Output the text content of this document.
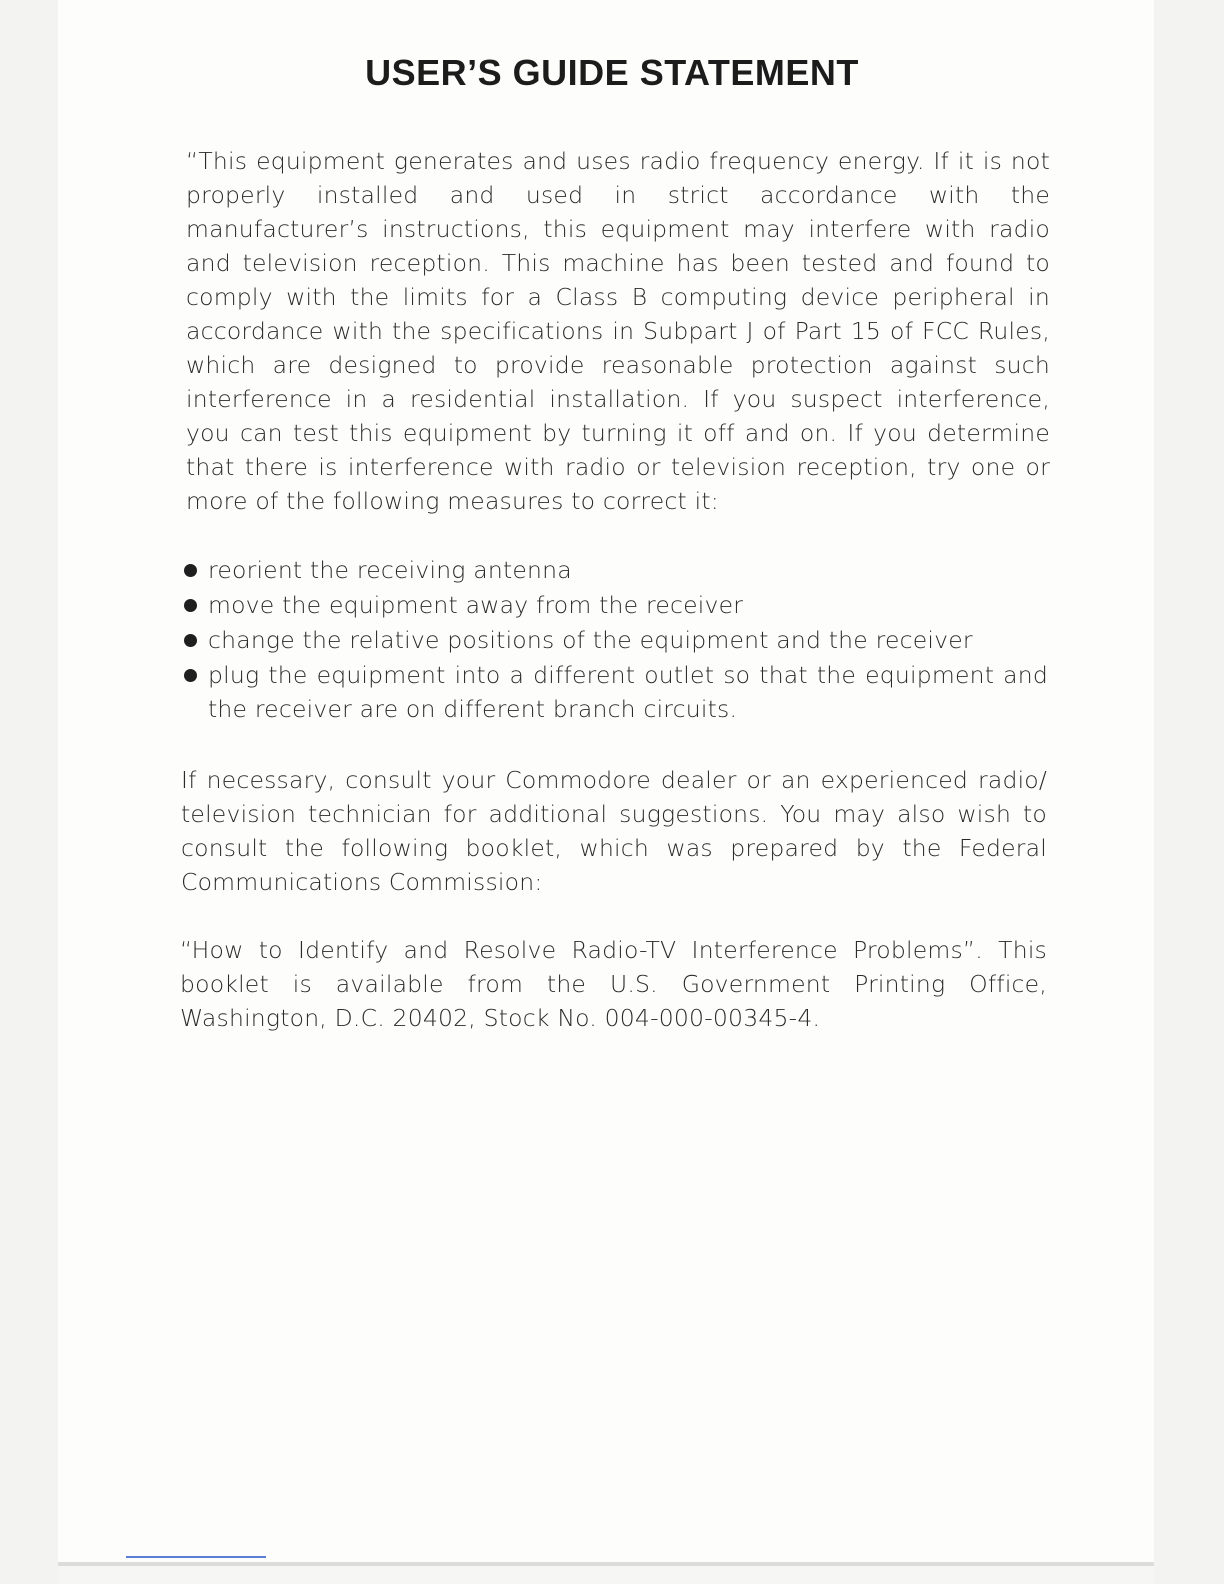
USER’S GUIDE STATEMENT

“This equipment generates and uses radio frequency energy. If it is not properly installed and used in strict accordance with the manufacturer’s instructions, this equipment may interfere with radio and television reception. This machine has been tested and found to comply with the limits for a Class B computing device peripheral in accordance with the specifications in Subpart J of Part 15 of FCC Rules, which are designed to provide reasonable protection against such interference in a residential installation. If you suspect interference, you can test this equipment by turning it off and on. If you determine that there is interference with radio or television reception, try one or more of the following measures to correct it:

reorient the receiving antenna
move the equipment away from the receiver
change the relative positions of the equipment and the receiver
plug the equipment into a different outlet so that the equipment and the receiver are on different branch circuits.

If necessary, consult your Commodore dealer or an experienced radio/ television technician for additional suggestions. You may also wish to consult the following booklet, which was prepared by the Federal Communications Commission:

“How to Identify and Resolve Radio-TV Interference Problems”. This booklet is available from the U.S. Government Printing Office, Washington, D.C. 20402, Stock No. 004-000-00345-4.
